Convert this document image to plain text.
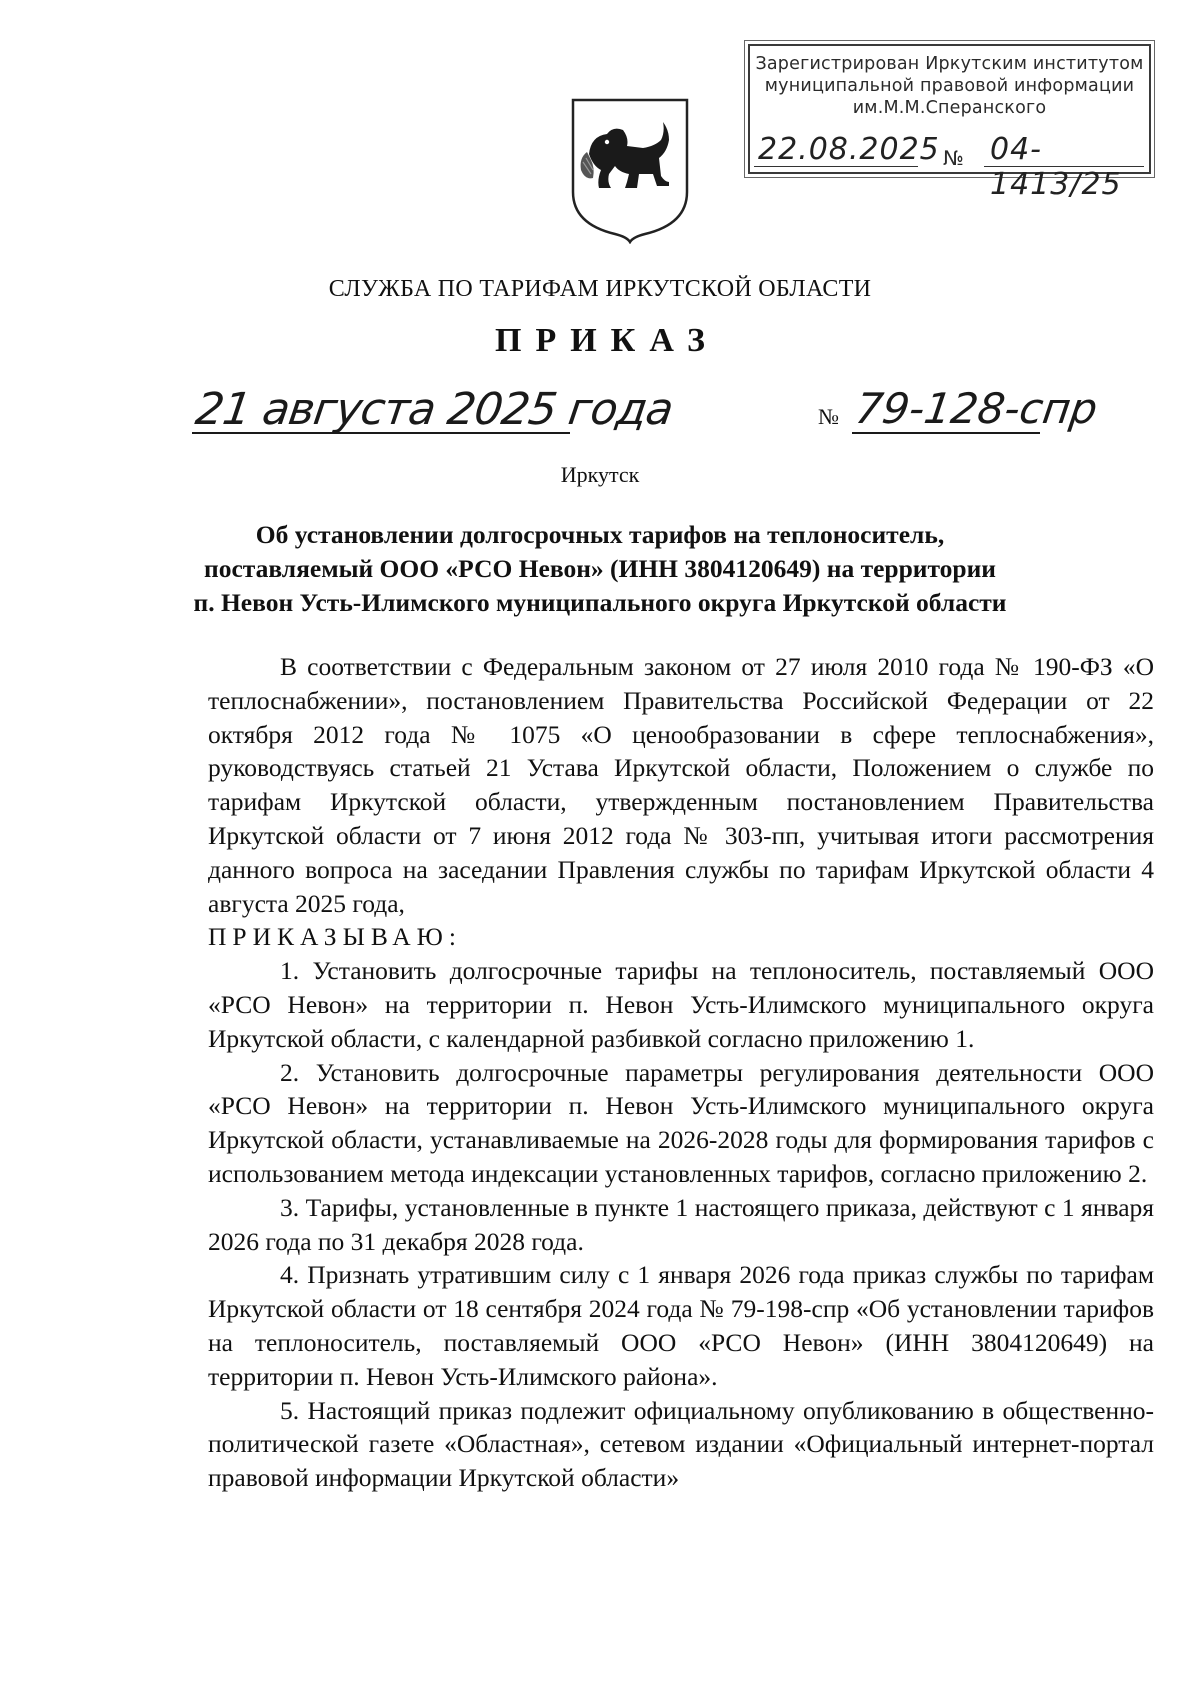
Зарегистрирован Иркутским институтом
муниципальной правовой информации
им.М.М.Сперанского
22.08.2025 № 04-1413/25
СЛУЖБА ПО ТАРИФАМ ИРКУТСКОЙ ОБЛАСТИ
ПРИКАЗ
21 августа 2025 года	№ 79-128-спр
Иркутск
Об установлении долгосрочных тарифов на теплоноситель,
поставляемый ООО «РСО Невон» (ИНН 3804120649) на территории
п. Невон Усть-Илимского муниципального округа Иркутской области

В соответствии с Федеральным законом от 27 июля 2010 года № 190-ФЗ «О теплоснабжении», постановлением Правительства Российской Федерации от 22 октября 2012 года № 1075 «О ценообразовании в сфере теплоснабжения», руководствуясь статьей 21 Устава Иркутской области, Положением о службе по тарифам Иркутской области, утвержденным постановлением Правительства Иркутской области от 7 июня 2012 года № 303-пп, учитывая итоги рассмотрения данного вопроса на заседании Правления службы по тарифам Иркутской области 4 августа 2025 года,

ПРИКАЗЫВАЮ:

1. Установить долгосрочные тарифы на теплоноситель, поставляемый ООО «РСО Невон» на территории п. Невон Усть-Илимского муниципального округа Иркутской области, с календарной разбивкой согласно приложению 1.

2. Установить долгосрочные параметры регулирования деятельности ООО «РСО Невон» на территории п. Невон Усть-Илимского муниципального округа Иркутской области, устанавливаемые на 2026-2028 годы для формирования тарифов с использованием метода индексации установленных тарифов, согласно приложению 2.

3. Тарифы, установленные в пункте 1 настоящего приказа, действуют с 1 января 2026 года по 31 декабря 2028 года.

4. Признать утратившим силу с 1 января 2026 года приказ службы по тарифам Иркутской области от 18 сентября 2024 года № 79-198-спр «Об установлении тарифов на теплоноситель, поставляемый ООО «РСО Невон» (ИНН 3804120649) на территории п. Невон Усть-Илимского района».

5. Настоящий приказ подлежит официальному опубликованию в общественно-политической газете «Областная», сетевом издании «Официальный интернет-портал правовой информации Иркутской области»
